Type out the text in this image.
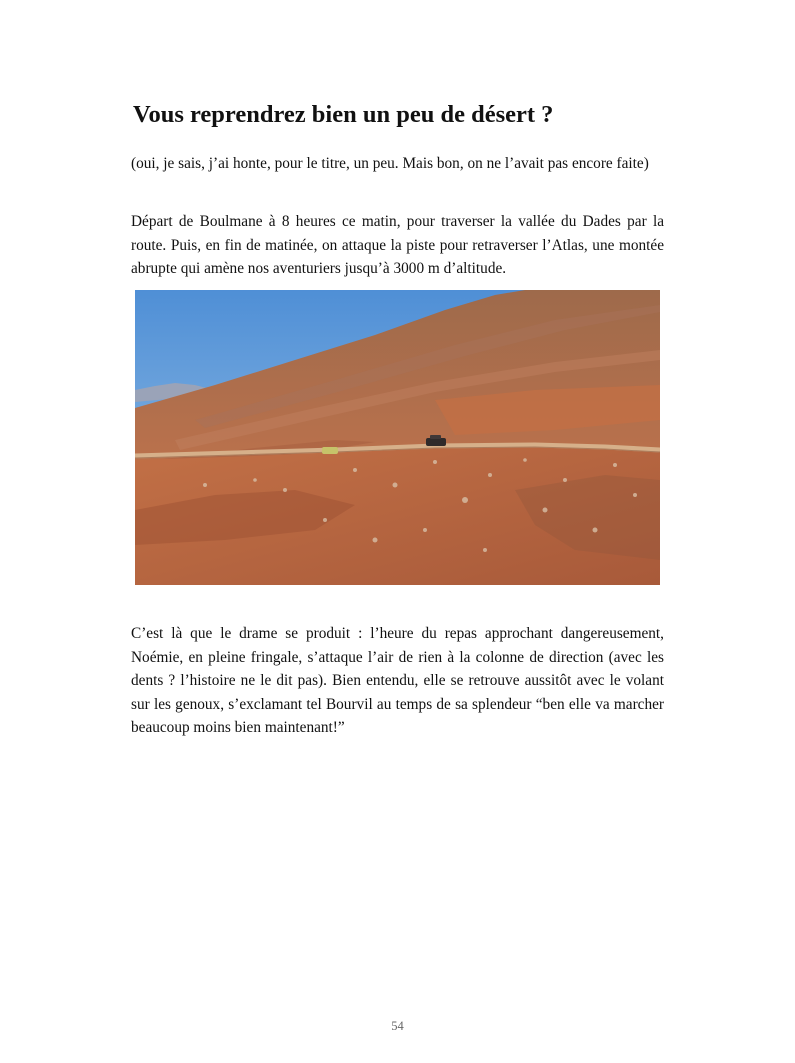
Vous reprendrez bien un peu de désert ?

(oui, je sais, j’ai honte, pour le titre, un peu. Mais bon, on ne l’avait pas encore faite)

Départ de Boulmane à 8 heures ce matin, pour traverser la vallée du Dades par la route. Puis, en fin de matinée, on attaque la piste pour retraverser l’Atlas, une montée abrupte qui amène nos aventuriers jusqu’à 3000 m d’altitude.

C’est là que le drame se produit : l’heure du repas approchant dangereusement, Noémie, en pleine fringale, s’attaque l’air de rien à la colonne de direction (avec les dents ? l’histoire ne le dit pas). Bien entendu, elle se retrouve aussitôt avec le volant sur les genoux, s’exclamant tel Bourvil au temps de sa splendeur “ben elle va marcher beaucoup moins bien maintenant!”

54
